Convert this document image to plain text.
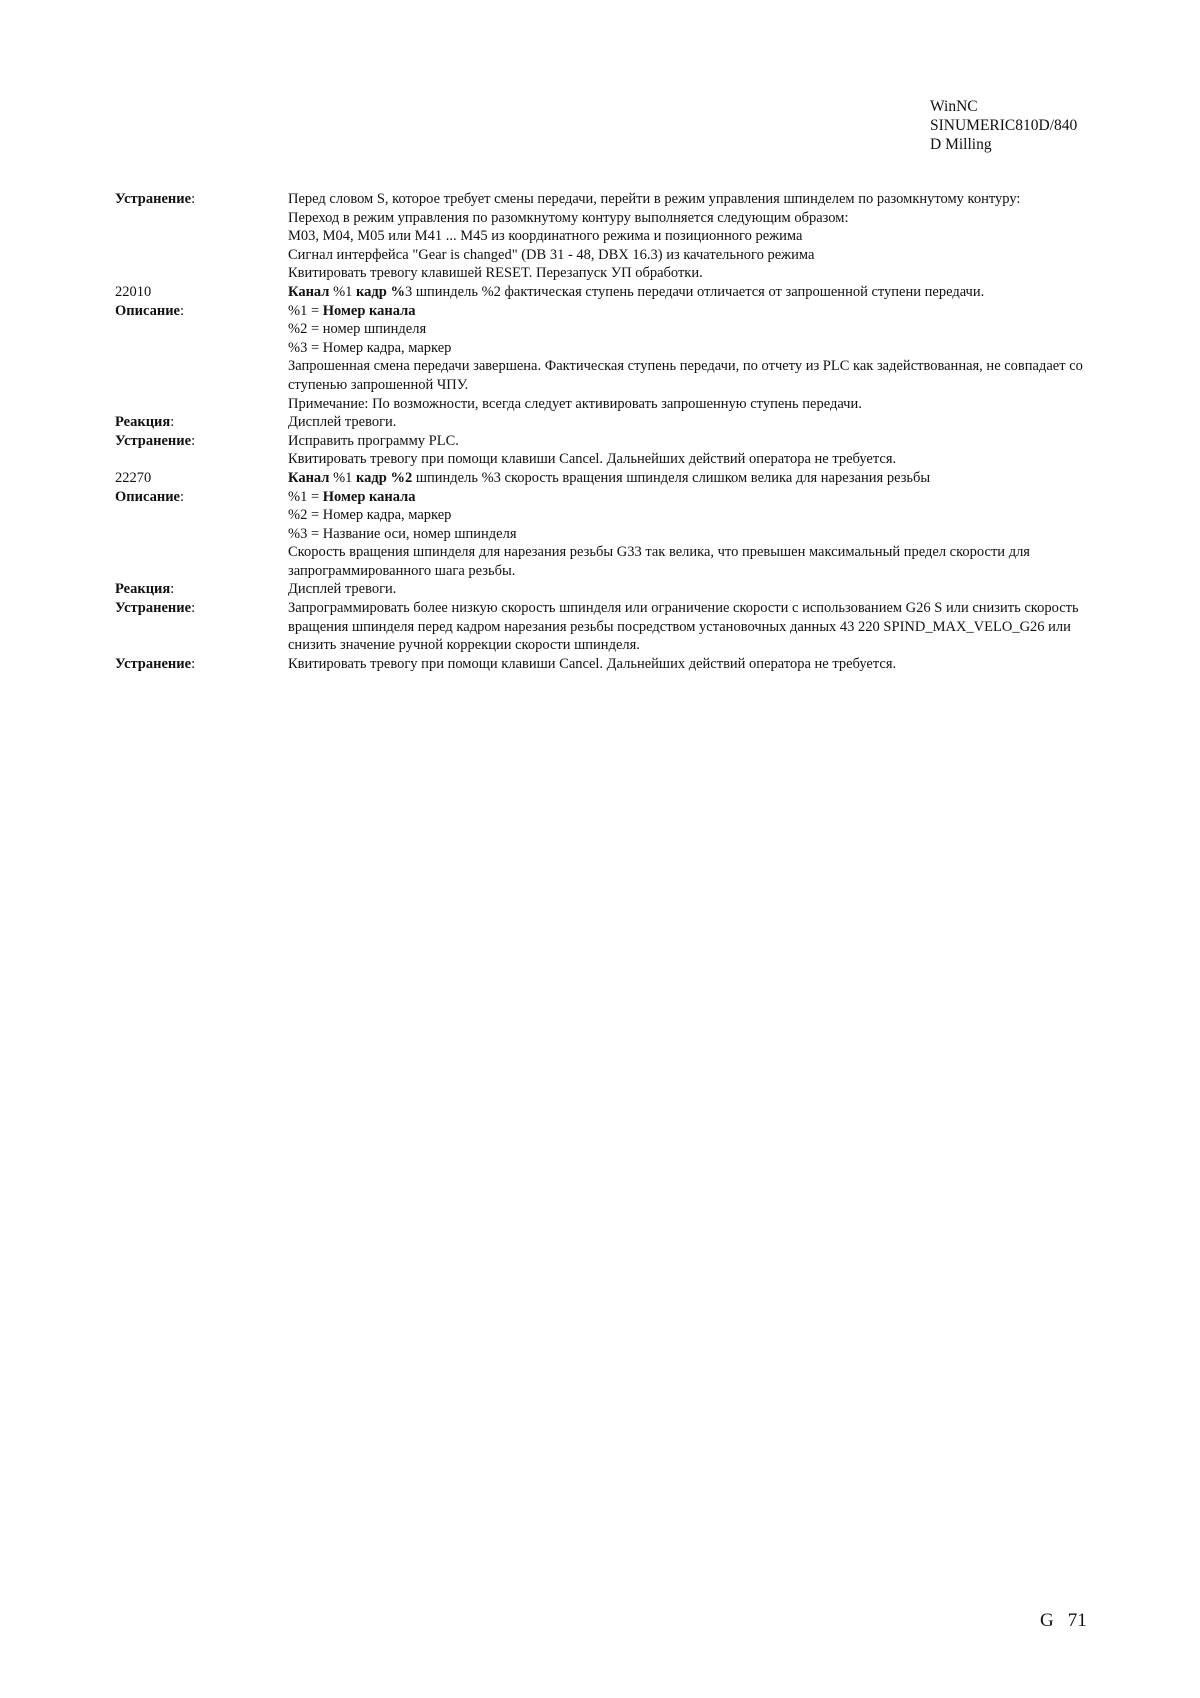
WinNC
SINUMERIC810D/840
D Milling
Устранение:	Перед словом S, которое требует смены передачи, перейти в режим управления шпинделем по разомкнутому контуру:
Переход в режим управления по разомкнутому контуру выполняется следующим образом:
M03, M04, M05 или M41 ... M45 из координатного режима и позиционного режима
Сигнал интерфейса "Gear is changed" (DB 31 - 48, DBX 16.3) из качательного режима
Квитировать тревогу клавишей RESET. Перезапуск УП обработки.
22010	Канал %1 кадр %3 шпиндель %2 фактическая ступень передачи отличается от запрошенной ступени передачи.
Описание:	%1 = Номер канала
%2 = номер шпинделя
%3 = Номер кадра, маркер
Запрошенная смена передачи завершена. Фактическая ступень передачи, по отчету из PLC как задействованная, не совпадает со ступенью запрошенной ЧПУ.
Примечание: По возможности, всегда следует активировать запрошенную ступень передачи.
Реакция:	Дисплей тревоги.
Устранение:	Исправить программу PLC.
Квитировать тревогу при помощи клавиши Cancel. Дальнейших действий оператора не требуется.
22270	Канал %1 кадр %2 шпиндель %3 скорость вращения шпинделя слишком велика для нарезания резьбы
Описание:	%1 = Номер канала
%2 = Номер кадра, маркер
%3 = Название оси, номер шпинделя
Скорость вращения шпинделя для нарезания резьбы G33 так велика, что превышен максимальный предел скорости для запрограммированного шага резьбы.
Реакция:	Дисплей тревоги.
Устранение:	Запрограммировать более низкую скорость шпинделя или ограничение скорости с использованием G26 S или снизить скорость вращения шпинделя перед кадром нарезания резьбы посредством установочных данных 43 220 SPIND_MAX_VELO_G26 или снизить значение ручной коррекции скорости шпинделя.
Устранение:	Квитировать тревогу при помощи клавиши Cancel. Дальнейших действий оператора не требуется.
G 71
